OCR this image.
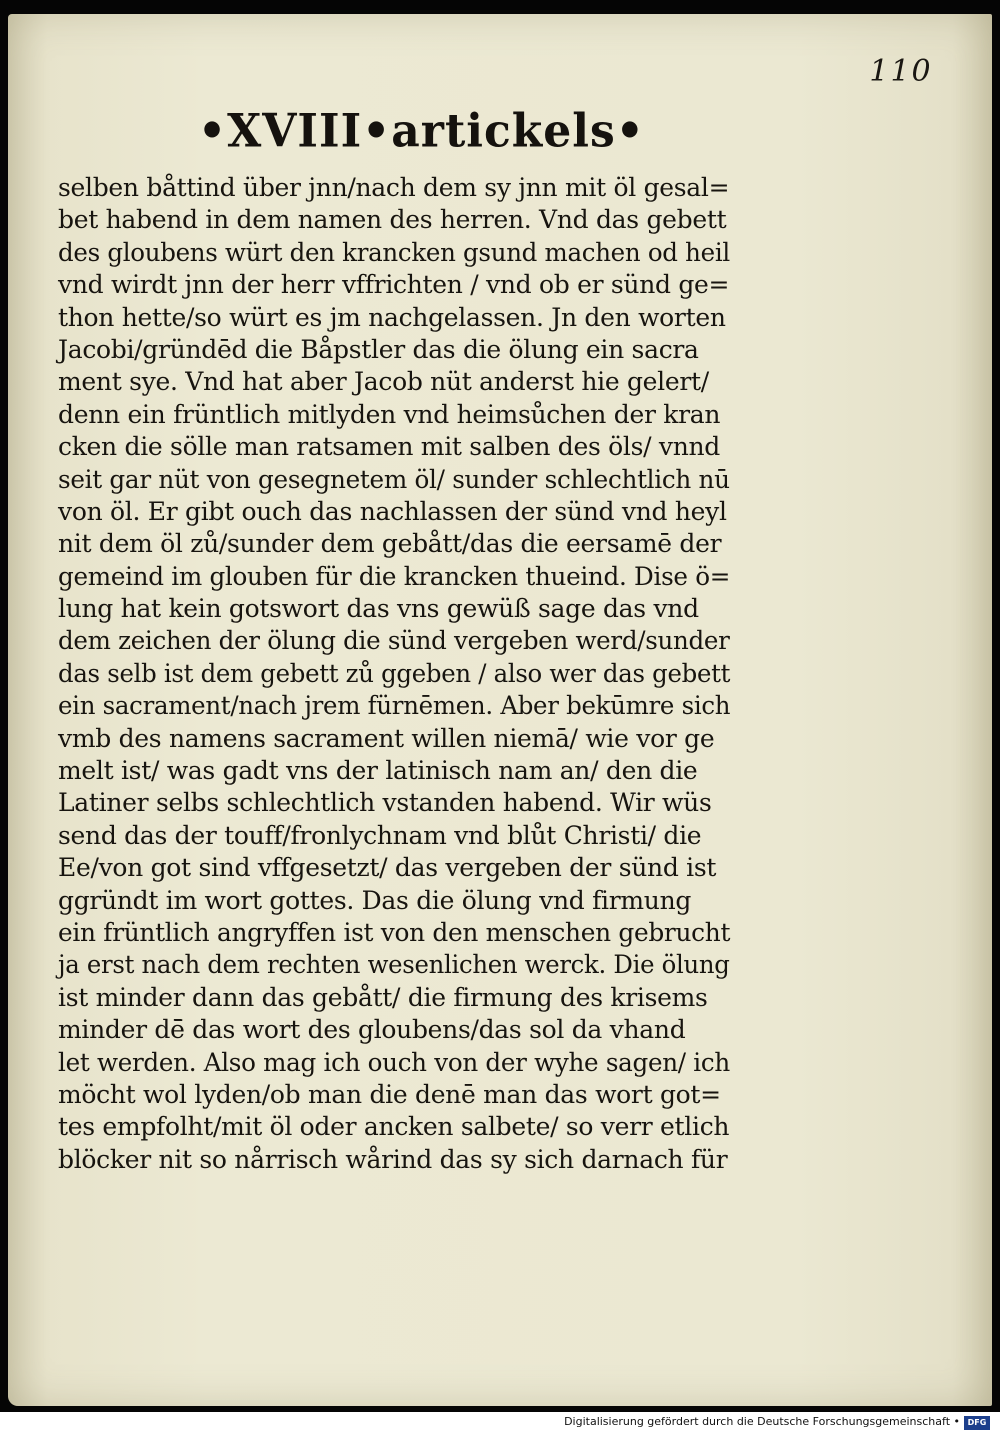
110
•XVIII•artickels•
selben båttind über jnn/nach dem sy jnn mit öl gesal=
bet habend in dem namen des herren. Vnd das gebett
des gloubens würt den krancken gsund machen od heil
vnd wirdt jnn der herr vffrichten / vnd ob er sünd ge=
thon hette/so würt es jm nachgelassen. Jn den worten
Jacobi/gründēd die Båpstler das die ölung ein sacra
ment sye. Vnd hat aber Jacob nüt anderst hie gelert/
denn ein früntlich mitlyden vnd heimsůchen der kran
cken die sölle man ratsamen mit salben des öls/ vnnd
seit gar nüt von gesegnetem öl/ sunder schlechtlich nū
von öl. Er gibt ouch das nachlassen der sünd vnd heyl
nit dem öl zů/sunder dem gebått/das die eersamē der
gemeind im glouben für die krancken thueind. Dise ö=
lung hat kein gotswort das vns gewüß sage das vnd
dem zeichen der ölung die sünd vergeben werd/sunder
das selb ist dem gebett zů ggeben / also wer das gebett
ein sacrament/nach jrem fürnēmen. Aber bekūmre sich
vmb des namens sacrament willen niemā/ wie vor ge
melt ist/ was gadt vns der latinisch nam an/ den die
Latiner selbs schlechtlich vstanden habend. Wir wüs
send das der touff/fronlychnam vnd blůt Christi/ die
Ee/von got sind vffgesetzt/ das vergeben der sünd ist
ggründt im wort gottes. Das die ölung vnd firmung
ein früntlich angryffen ist von den menschen gebrucht
ja erst nach dem rechten wesenlichen werck. Die ölung
ist minder dann das gebått/ die firmung des krisems
minder dē̄ das wort des gloubens/das sol da vhand
let werden. Also mag ich ouch von der wyhe sagen/ ich
möcht wol lyden/ob man die denē man das wort got=
tes empfolht/mit öl oder ancken salbete/ so verr etlich
blöcker nit so nårrisch wårind das sy sich darnach für
Digitalisierung gefördert durch die Deutsche Forschungsgemeinschaft • DFG
